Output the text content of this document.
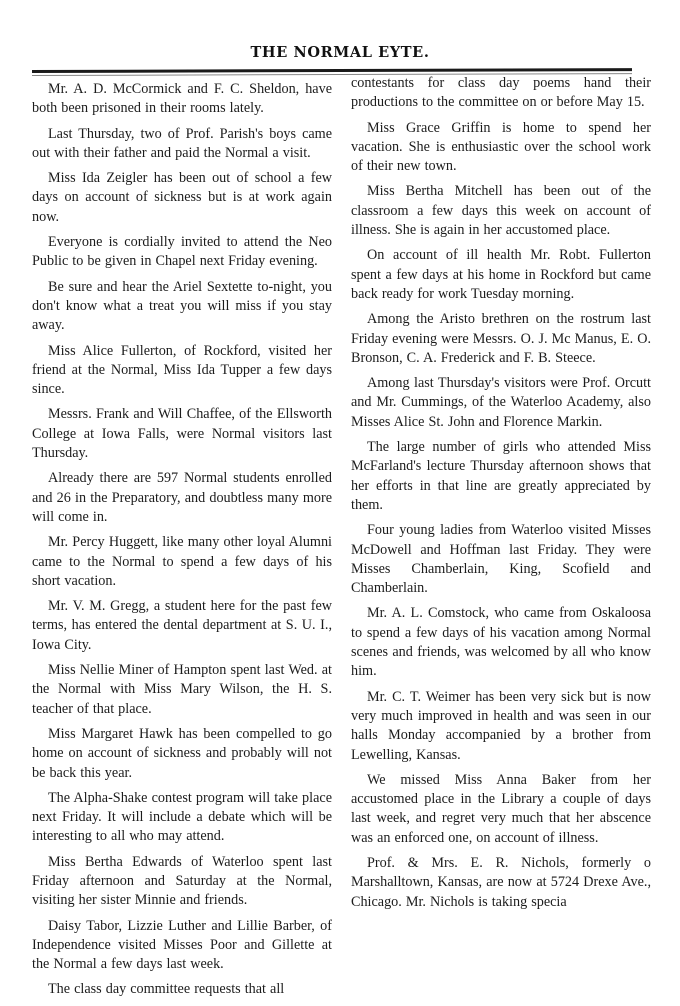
THE NORMAL EYTE.

Mr. A. D. McCormick and F. C. Sheldon, have both been prisoned in their rooms lately.

Last Thursday, two of Prof. Parish's boys came out with their father and paid the Normal a visit.

Miss Ida Zeigler has been out of school a few days on account of sickness but is at work again now.

Everyone is cordially invited to attend the Neo Public to be given in Chapel next Friday evening.

Be sure and hear the Ariel Sextette to-night, you don't know what a treat you will miss if you stay away.

Miss Alice Fullerton, of Rockford, visited her friend at the Normal, Miss Ida Tupper a few days since.

Messrs. Frank and Will Chaffee, of the Ellsworth College at Iowa Falls, were Normal visitors last Thursday.

Already there are 597 Normal students enrolled and 26 in the Preparatory, and doubtless many more will come in.

Mr. Percy Huggett, like many other loyal Alumni came to the Normal to spend a few days of his short vacation.

Mr. V. M. Gregg, a student here for the past few terms, has entered the dental department at S. U. I., Iowa City.

Miss Nellie Miner of Hampton spent last Wed. at the Normal with Miss Mary Wilson, the H. S. teacher of that place.

Miss Margaret Hawk has been compelled to go home on account of sickness and probably will not be back this year.

The Alpha-Shake contest program will take place next Friday. It will include a debate which will be interesting to all who may attend.

Miss Bertha Edwards of Waterloo spent last Friday afternoon and Saturday at the Normal, visiting her sister Minnie and friends.

Daisy Tabor, Lizzie Luther and Lillie Barber, of Independence visited Misses Poor and Gillette at the Normal a few days last week.

The class day committee requests that all

contestants for class day poems hand their productions to the committee on or before May 15.

Miss Grace Griffin is home to spend her vacation. She is enthusiastic over the school work of their new town.

Miss Bertha Mitchell has been out of the classroom a few days this week on account of illness. She is again in her accustomed place.

On account of ill health Mr. Robt. Fullerton spent a few days at his home in Rockford but came back ready for work Tuesday morning.

Among the Aristo brethren on the rostrum last Friday evening were Messrs. O. J. Mc Manus, E. O. Bronson, C. A. Frederick and F. B. Steece.

Among last Thursday's visitors were Prof. Orcutt and Mr. Cummings, of the Waterloo Academy, also Misses Alice St. John and Florence Markin.

The large number of girls who attended Miss McFarland's lecture Thursday afternoon shows that her efforts in that line are greatly appreciated by them.

Four young ladies from Waterloo visited Misses McDowell and Hoffman last Friday. They were Misses Chamberlain, King, Scofield and Chamberlain.

Mr. A. L. Comstock, who came from Oskaloosa to spend a few days of his vacation among Normal scenes and friends, was welcomed by all who know him.

Mr. C. T. Weimer has been very sick but is now very much improved in health and was seen in our halls Monday accompanied by a brother from Lewelling, Kansas.

We missed Miss Anna Baker from her accustomed place in the Library a couple of days last week, and regret very much that her abscence was an enforced one, on account of illness.

Prof. & Mrs. E. R. Nichols, formerly o Marshalltown, Kansas, are now at 5724 Drexe Ave., Chicago. Mr. Nichols is taking specia
